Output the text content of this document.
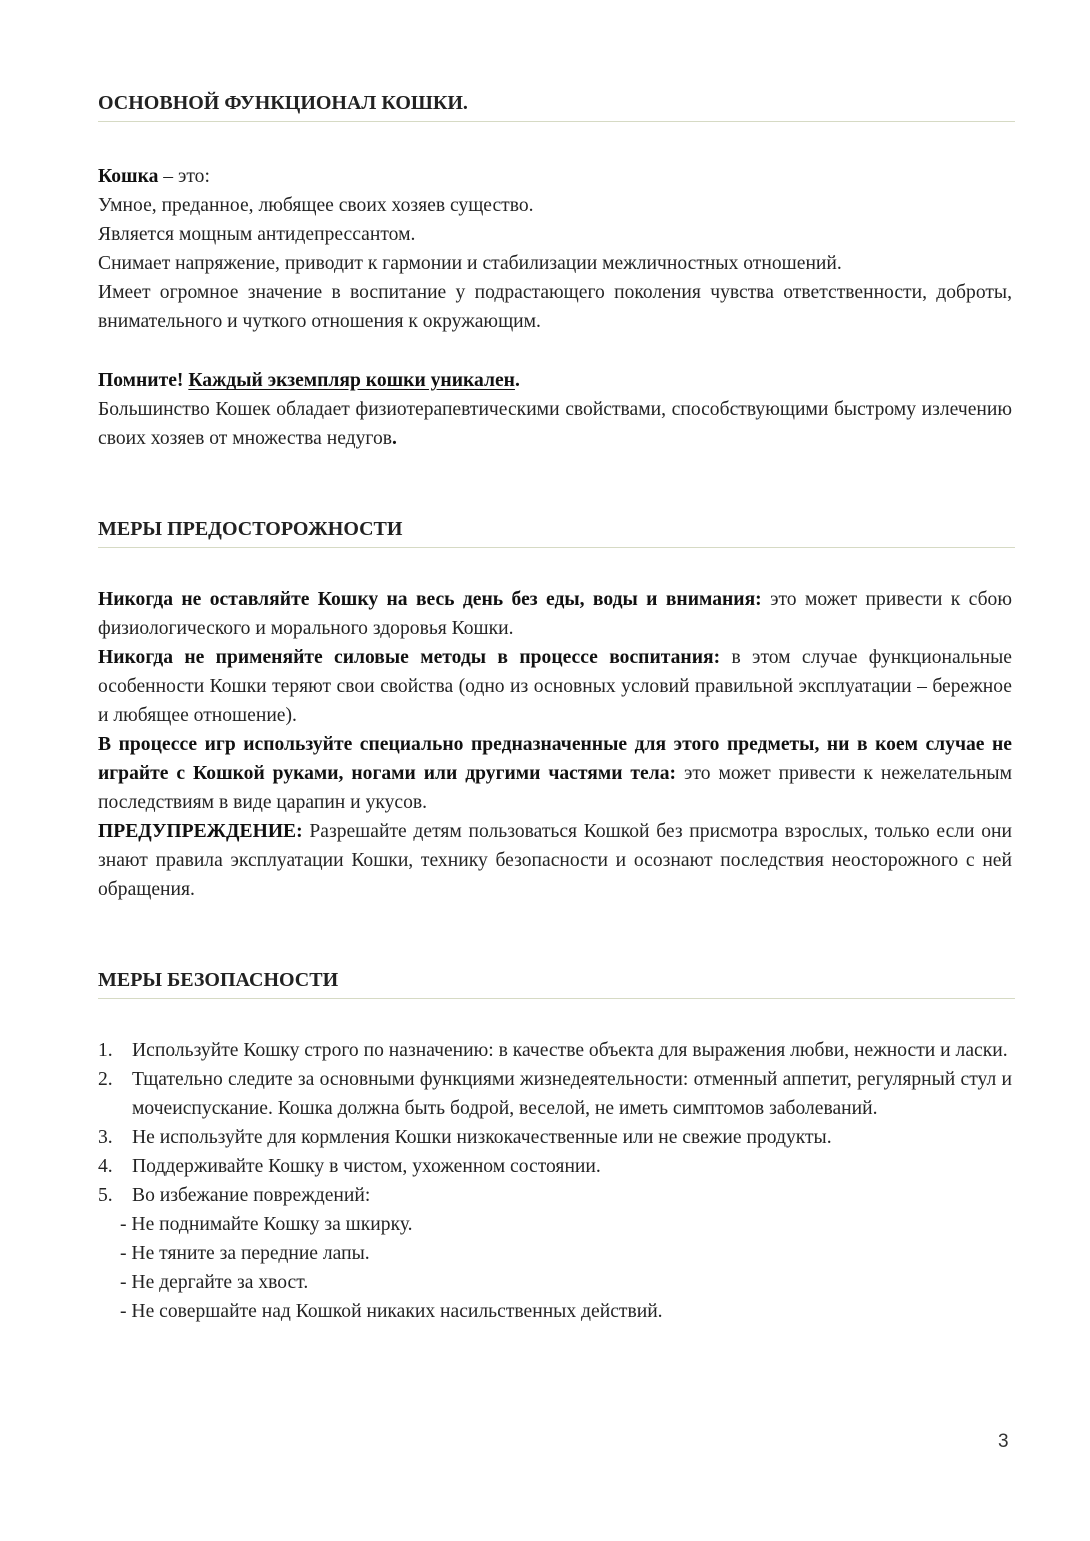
ОСНОВНОЙ ФУНКЦИОНАЛ КОШКИ.

Кошка – это:

Умное, преданное, любящее своих хозяев существо.

Является мощным антидепрессантом.

Снимает напряжение, приводит к гармонии и стабилизации межличностных отношений.

Имеет огромное значение в воспитание у подрастающего поколения чувства ответственности, доброты, внимательного и чуткого отношения к окружающим.

Помните! Каждый экземпляр кошки уникален.

Большинство Кошек обладает физиотерапевтическими свойствами, способствующими быстрому излечению своих хозяев от множества недугов.

МЕРЫ ПРЕДОСТОРОЖНОСТИ

Никогда не оставляйте Кошку на весь день без еды, воды и внимания: это может привести к сбою физиологического и морального здоровья Кошки.

Никогда не применяйте силовые методы в процессе воспитания: в этом случае функциональные особенности Кошки теряют свои свойства (одно из основных условий правильной эксплуатации – бережное и любящее отношение).

В процессе игр используйте специально предназначенные для этого предметы, ни в коем случае не играйте с Кошкой руками, ногами или другими частями тела: это может привести к нежелательным последствиям в виде царапин и укусов.

ПРЕДУПРЕЖДЕНИЕ: Разрешайте детям пользоваться Кошкой без присмотра взрослых, только если они знают правила эксплуатации Кошки, технику безопасности и осознают последствия неосторожного с ней обращения.

МЕРЫ БЕЗОПАСНОСТИ
1. Используйте Кошку строго по назначению: в качестве объекта для выражения любви, нежности и ласки.
2. Тщательно следите за основными функциями жизнедеятельности: отменный аппетит, регулярный стул и мочеиспускание. Кошка должна быть бодрой, веселой, не иметь симптомов заболеваний.
3. Не используйте для кормления Кошки низкокачественные или не свежие продукты.
4. Поддерживайте Кошку в чистом, ухоженном состоянии.
5. Во избежание повреждений:

- Не поднимайте Кошку за шкирку.

- Не тяните за передние лапы.

- Не дергайте за хвост.

- Не совершайте над Кошкой никаких насильственных действий.

3
